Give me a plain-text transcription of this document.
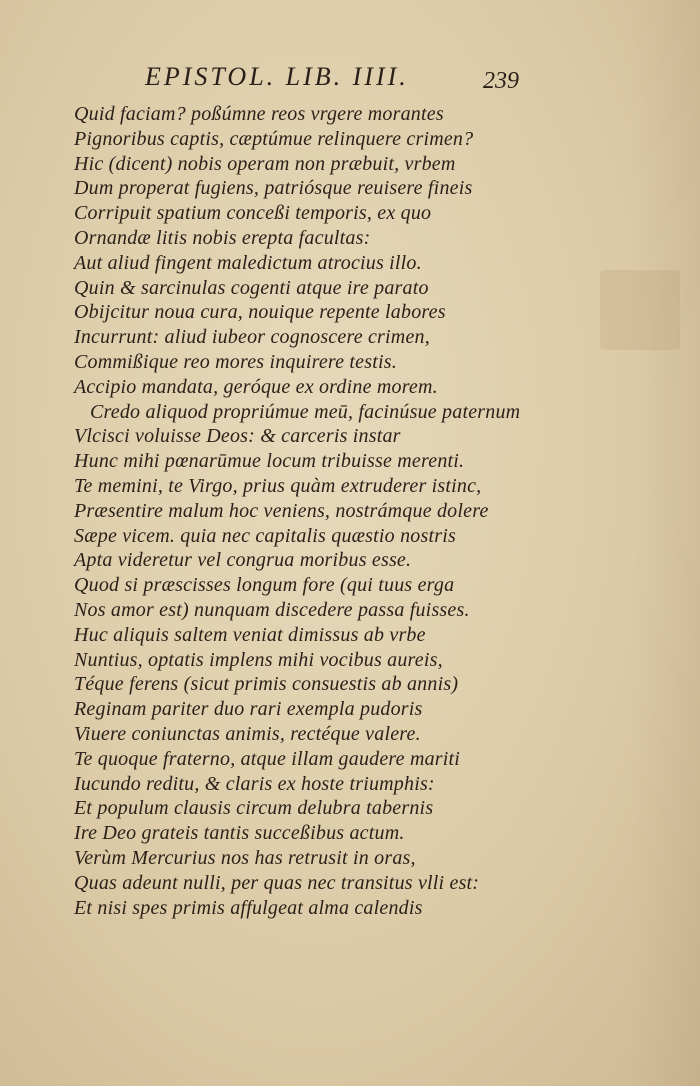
EPISTOL. LIB. IIII.	239
Quid faciam? poßúmne reos vrgere morantes
Pignoribus captis, cæptúmue relinquere crimen?
Hic (dicent) nobis operam non præbuit, vrbem
Dum properat fugiens, patriósque reuisere fineis
Corripuit spatium conceßi temporis, ex quo
Ornandæ litis nobis erepta facultas:
Aut aliud fingent maledictum atrocius illo.
Quin & sarcinulas cogenti atque ire parato
Obijcitur noua cura, nouique repente labores
Incurrunt: aliud iubeor cognoscere crimen,
Commißique reo mores inquirere testis.
Accipio mandata, geróque ex ordine morem.
Credo aliquod propriúmue meū, facinúsue paternum
Vlcisci voluisse Deos: & carceris instar
Hunc mihi pœnarūmue locum tribuisse merenti.
Te memini, te Virgo, prius quàm extruderer istinc,
Præsentire malum hoc veniens, nostrámque dolere
Sæpe vicem. quia nec capitalis quæstio nostris
Apta videretur vel congrua moribus esse.
Quod si præscisses longum fore (qui tuus erga
Nos amor est) nunquam discedere passa fuisses.
Huc aliquis saltem veniat dimissus ab vrbe
Nuntius, optatis implens mihi vocibus aureis,
Téque ferens (sicut primis consuestis ab annis)
Reginam pariter duo rari exempla pudoris
Viuere coniunctas animis, rectéque valere.
Te quoque fraterno, atque illam gaudere mariti
Iucundo reditu, & claris ex hoste triumphis:
Et populum clausis circum delubra tabernis
Ire Deo grateis tantis succeßibus actum.
Verùm Mercurius nos has retrusit in oras,
Quas adeunt nulli, per quas nec transitus vlli est:
Et nisi spes primis affulgeat alma calendis
